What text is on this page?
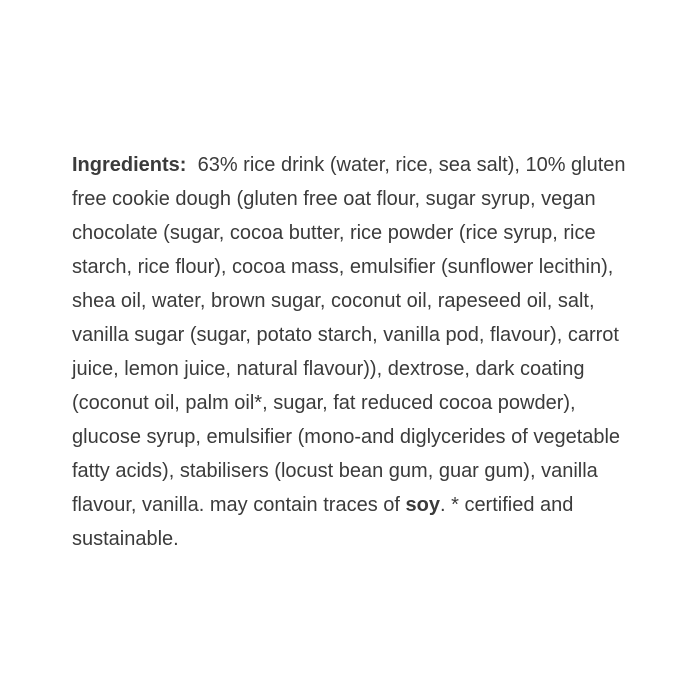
Ingredients: 63% rice drink (water, rice, sea salt), 10% gluten
free cookie dough (gluten free oat flour, sugar syrup, vegan
chocolate (sugar, cocoa butter, rice powder (rice syrup, rice
starch, rice flour), cocoa mass, emulsifier (sunflower lecithin),
shea oil, water, brown sugar, coconut oil, rapeseed oil, salt,
vanilla sugar (sugar, potato starch, vanilla pod, flavour), carrot
juice, lemon juice, natural flavour)), dextrose, dark coating
(coconut oil, palm oil*, sugar, fat reduced cocoa powder),
glucose syrup, emulsifier (mono-and diglycerides of vegetable
fatty acids), stabilisers (locust bean gum, guar gum), vanilla
flavour, vanilla. may contain traces of soy. * certified and
sustainable.
